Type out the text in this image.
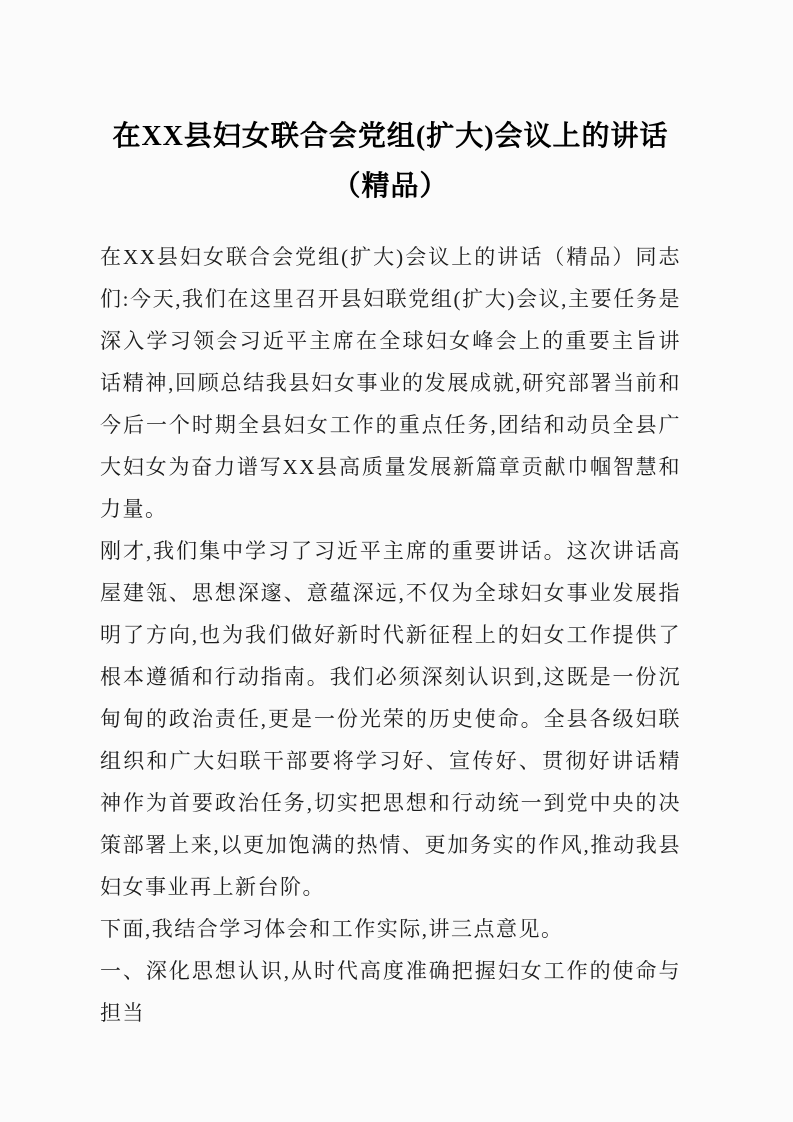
在XX县妇女联合会党组(扩大)会议上的讲话（精品）

在XX县妇女联合会党组(扩大)会议上的讲话（精品）同志们:今天,我们在这里召开县妇联党组(扩大)会议,主要任务是深入学习领会习近平主席在全球妇女峰会上的重要主旨讲话精神,回顾总结我县妇女事业的发展成就,研究部署当前和今后一个时期全县妇女工作的重点任务,团结和动员全县广大妇女为奋力谱写XX县高质量发展新篇章贡献巾帼智慧和力量。

刚才,我们集中学习了习近平主席的重要讲话。这次讲话高屋建瓴、思想深邃、意蕴深远,不仅为全球妇女事业发展指明了方向,也为我们做好新时代新征程上的妇女工作提供了根本遵循和行动指南。我们必须深刻认识到,这既是一份沉甸甸的政治责任,更是一份光荣的历史使命。全县各级妇联组织和广大妇联干部要将学习好、宣传好、贯彻好讲话精神作为首要政治任务,切实把思想和行动统一到党中央的决策部署上来,以更加饱满的热情、更加务实的作风,推动我县妇女事业再上新台阶。

下面,我结合学习体会和工作实际,讲三点意见。

一、深化思想认识,从时代高度准确把握妇女工作的使命与担当
